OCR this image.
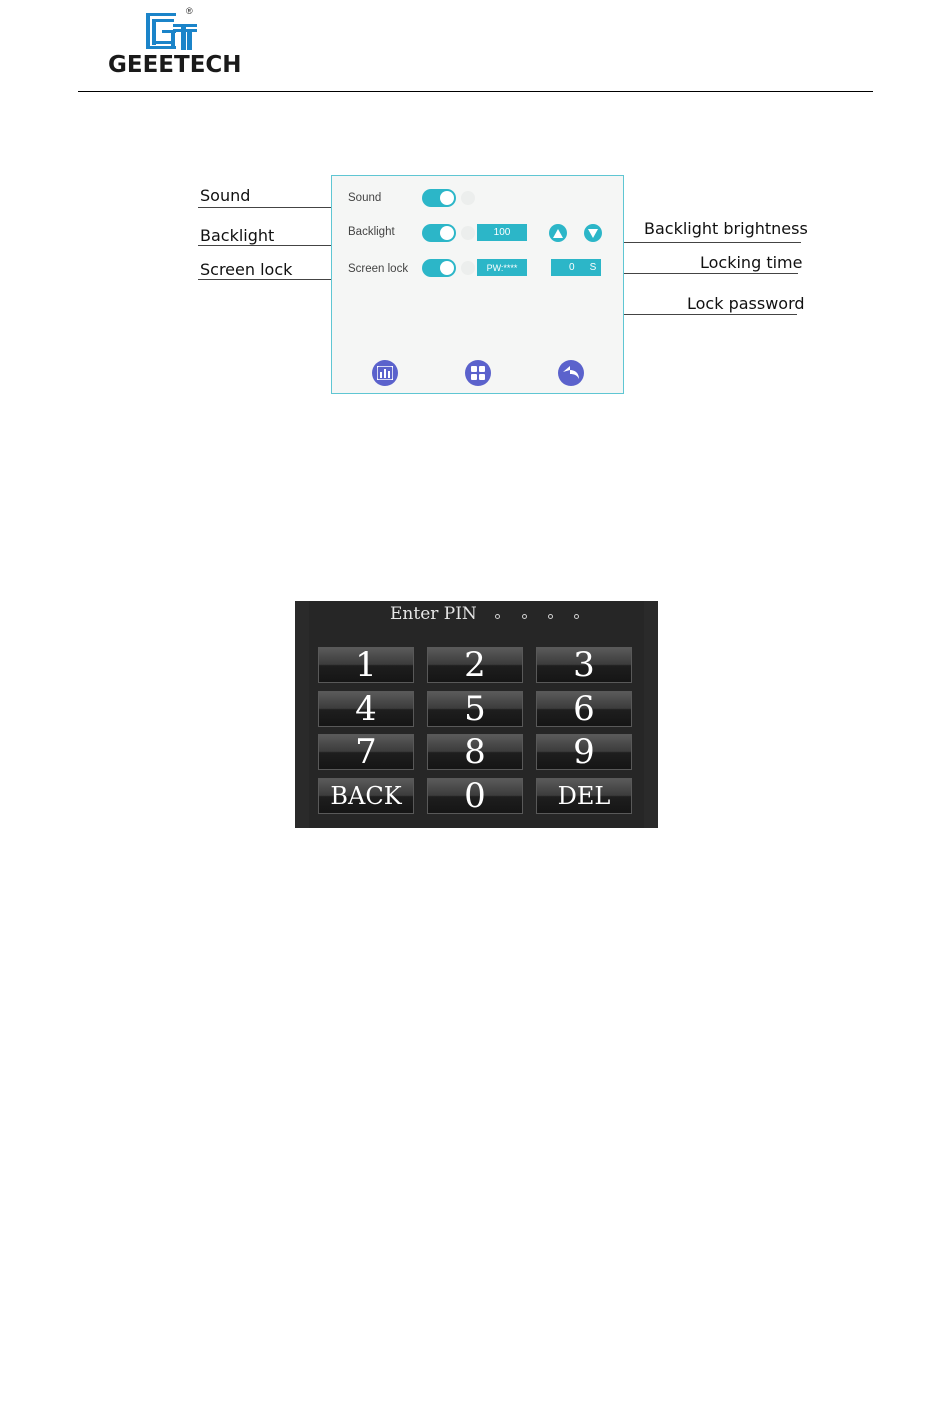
®
GEEETECH
Sound
Backlight
Screen lock
Backlight brightness
Locking time
Lock password
Sound
Backlight	100
Screen lock	PW:****	0 S
Enter PIN
1	2	3
4	5	6
7	8	9
BACK	0	DEL
